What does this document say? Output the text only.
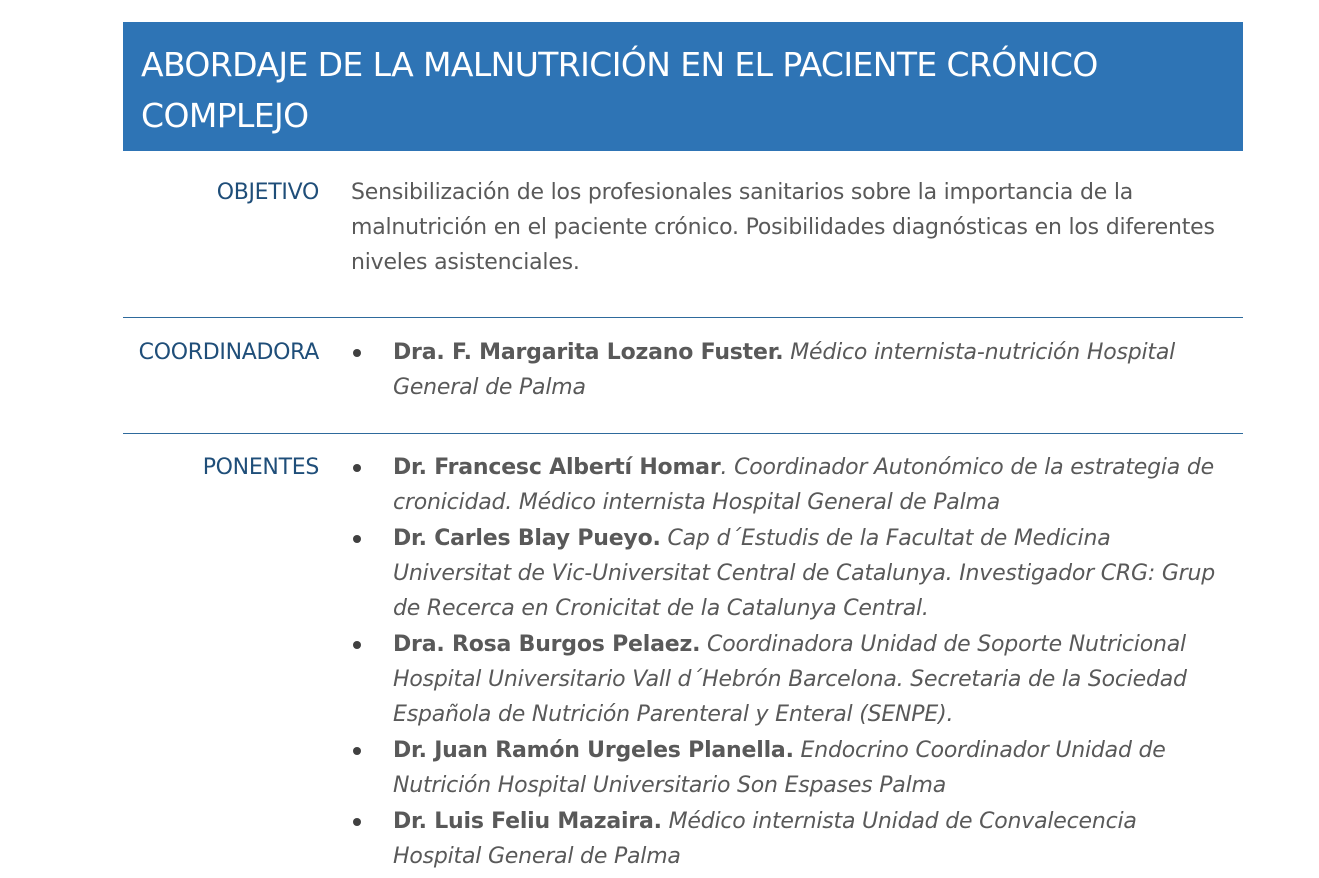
ABORDAJE DE LA MALNUTRICIÓN EN EL PACIENTE CRÓNICO COMPLEJO
OBJETIVO Sensibilización de los profesionales sanitarios sobre la importancia de la malnutrición en el paciente crónico. Posibilidades diagnósticas en los diferentes niveles asistenciales.
COORDINADORA	Dra. F. Margarita Lozano Fuster. Médico internista-nutrición Hospital General de Palma
PONENTES	Dr. Francesc Albertí Homar. Coordinador Autonómico de la estrategia de cronicidad. Médico internista Hospital General de Palma
Dr. Carles Blay Pueyo. Cap d´Estudis de la Facultat de Medicina Universitat de Vic-Universitat Central de Catalunya. Investigador CRG: Grup de Recerca en Cronicitat de la Catalunya Central.
Dra. Rosa Burgos Pelaez. Coordinadora Unidad de Soporte Nutricional Hospital Universitario Vall d´Hebrón Barcelona. Secretaria de la Sociedad Española de Nutrición Parenteral y Enteral (SENPE).
Dr. Juan Ramón Urgeles Planella. Endocrino Coordinador Unidad de Nutrición Hospital Universitario Son Espases Palma
Dr. Luis Feliu Mazaira. Médico internista Unidad de Convalecencia Hospital General de Palma
